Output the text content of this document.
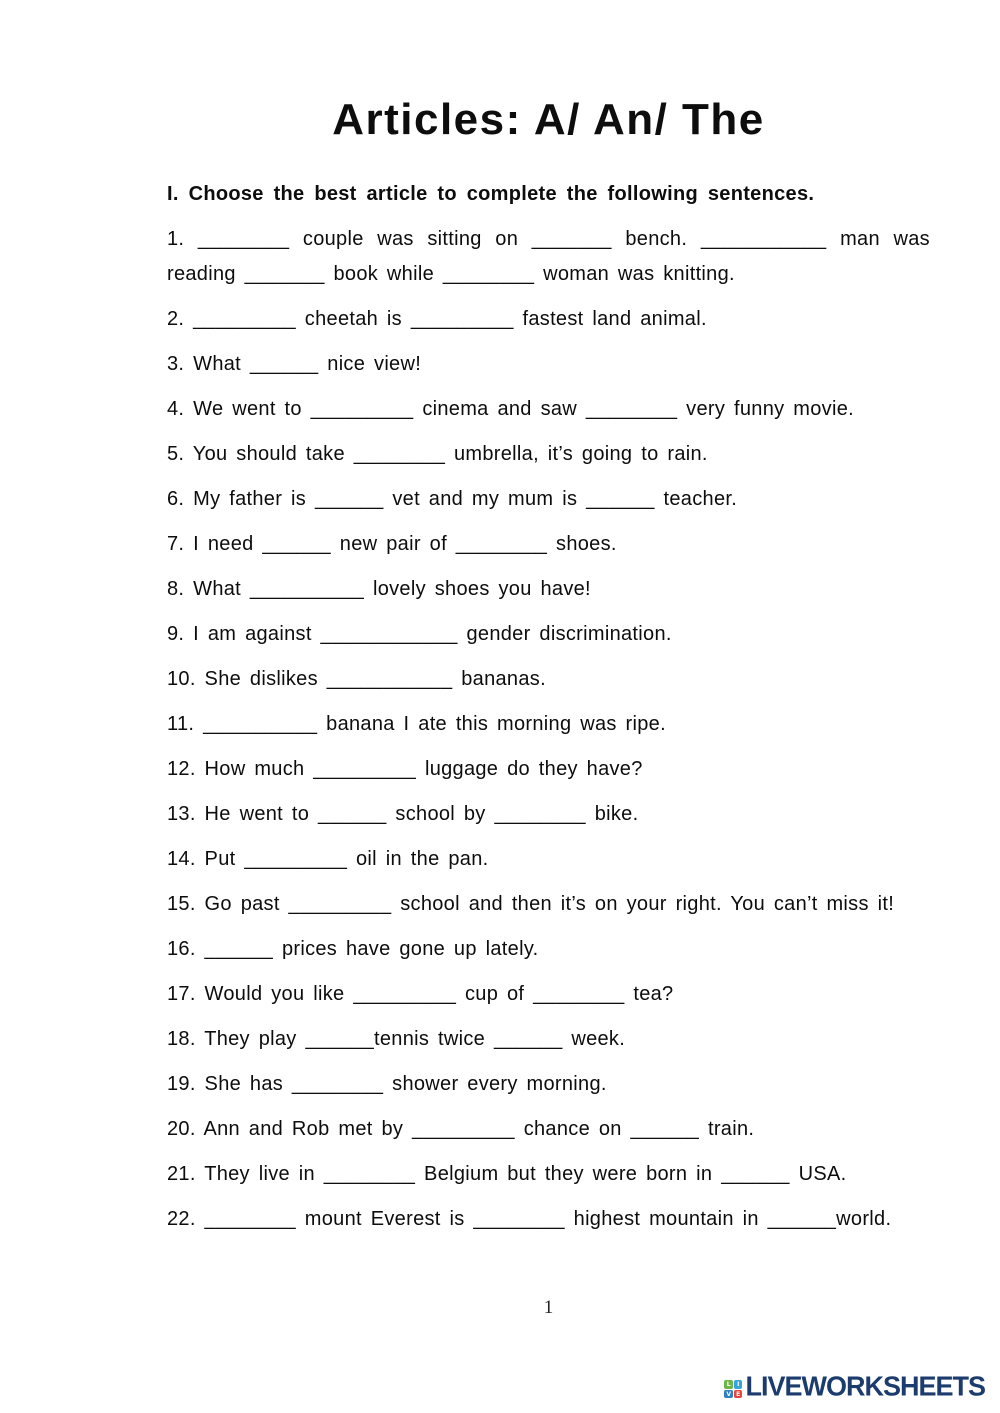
Articles: A/ An/ The

I. Choose the best article to complete the following sentences.

1. ________ couple was sitting on _______ bench. ___________ man was reading _______ book while ________ woman was knitting.

2. _________ cheetah is _________ fastest land animal.

3. What ______ nice view!

4. We went to _________ cinema and saw ________ very funny movie.

5. You should take ________ umbrella, it’s going to rain.

6. My father is ______ vet and my mum is ______ teacher.

7. I need ______ new pair of ________ shoes.

8. What __________ lovely shoes you have!

9. I am against ____________ gender discrimination.

10. She dislikes ___________ bananas.

11. __________ banana I ate this morning was ripe.

12. How much _________ luggage do they have?

13. He went to ______ school by ________ bike.

14. Put _________ oil in the pan.

15. Go past _________ school and then it’s on your right. You can’t miss it!

16. ______ prices have gone up lately.

17. Would you like _________ cup of ________ tea?

18. They play ______tennis twice ______ week.

19. She has ________ shower every morning.

20. Ann and Rob met by _________ chance on ______ train.

21. They live in ________ Belgium but they were born in ______ USA.

22. ________ mount Everest is ________ highest mountain in ______world.

1
L	I
V E LIVEWORKSHEETS
